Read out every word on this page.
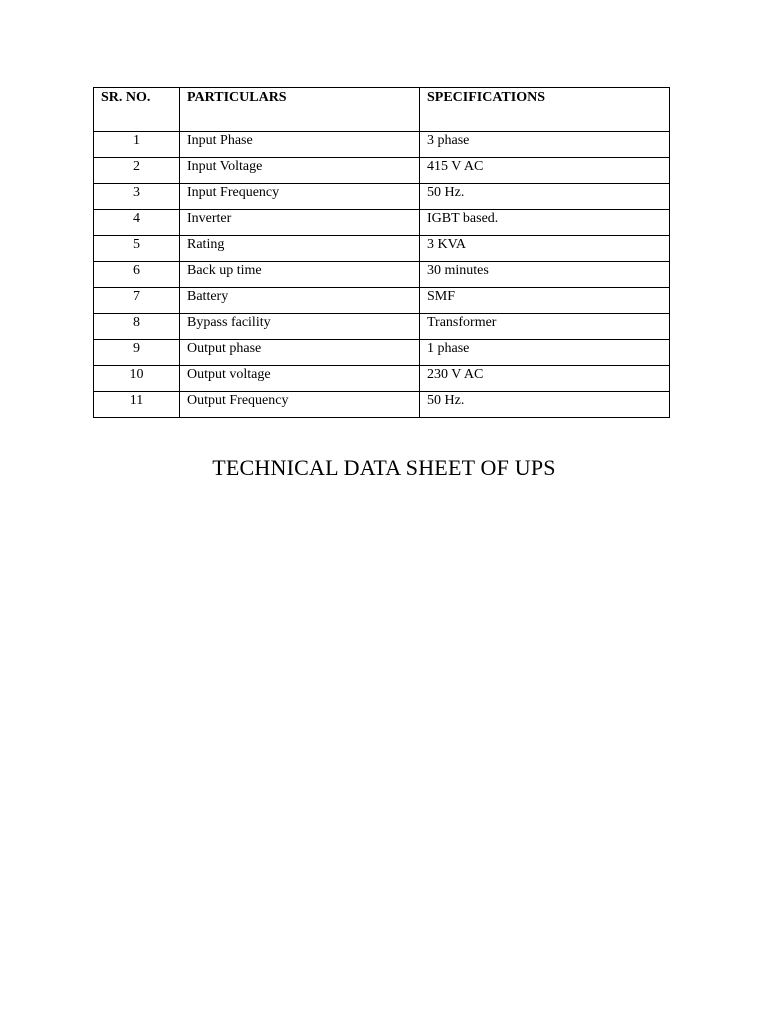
SR. NO.	PARTICULARS	SPECIFICATIONS
1	Input Phase	3 phase
2	Input Voltage	415 V AC
3	Input Frequency	50 Hz.
4	Inverter	IGBT based.
5	Rating	3 KVA
6	Back up time	30 minutes
7	Battery	SMF
8	Bypass facility	Transformer
9	Output phase	1 phase
10	Output voltage	230 V AC
11	Output Frequency	50 Hz.
TECHNICAL DATA SHEET OF UPS
